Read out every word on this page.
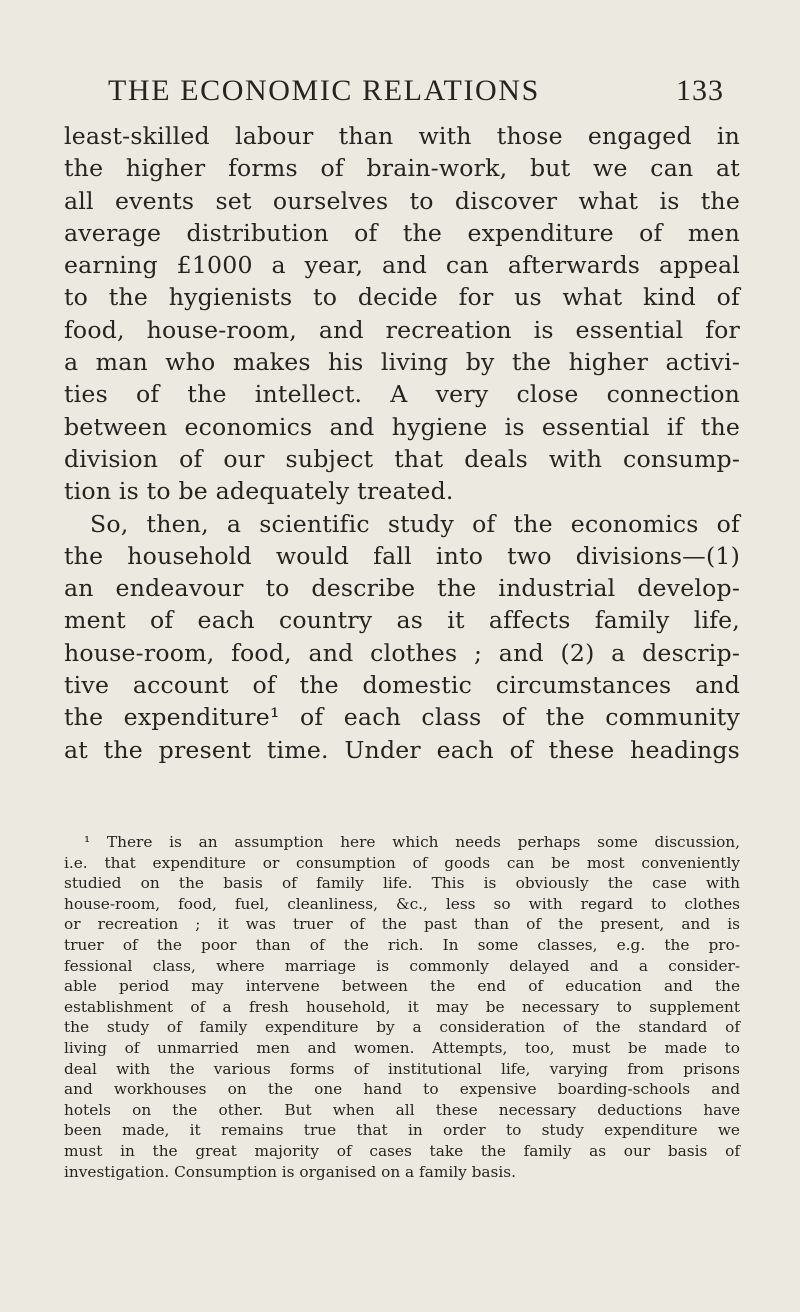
THE ECONOMIC RELATIONS	133
least-skilled labour than with those engaged in
the higher forms of brain-work, but we can at
all events set ourselves to discover what is the
average distribution of the expenditure of men
earning £1000 a year, and can afterwards appeal
to the hygienists to decide for us what kind of
food, house-room, and recreation is essential for
a man who makes his living by the higher activi-
ties of the intellect. A very close connection
between economics and hygiene is essential if the
division of our subject that deals with consump-
tion is to be adequately treated.
So, then, a scientific study of the economics of
the household would fall into two divisions—(1)
an endeavour to describe the industrial develop-
ment of each country as it affects family life,
house-room, food, and clothes ; and (2) a descrip-
tive account of the domestic circumstances and
the expenditure¹ of each class of the community
at the present time. Under each of these headings
¹ There is an assumption here which needs perhaps some discussion,
i.e. that expenditure or consumption of goods can be most conveniently
studied on the basis of family life. This is obviously the case with
house-room, food, fuel, cleanliness, &c., less so with regard to clothes
or recreation ; it was truer of the past than of the present, and is
truer of the poor than of the rich. In some classes, e.g. the pro-
fessional class, where marriage is commonly delayed and a consider-
able period may intervene between the end of education and the
establishment of a fresh household, it may be necessary to supplement
the study of family expenditure by a consideration of the standard of
living of unmarried men and women. Attempts, too, must be made to
deal with the various forms of institutional life, varying from prisons
and workhouses on the one hand to expensive boarding-schools and
hotels on the other. But when all these necessary deductions have
been made, it remains true that in order to study expenditure we
must in the great majority of cases take the family as our basis of
investigation. Consumption is organised on a family basis.
